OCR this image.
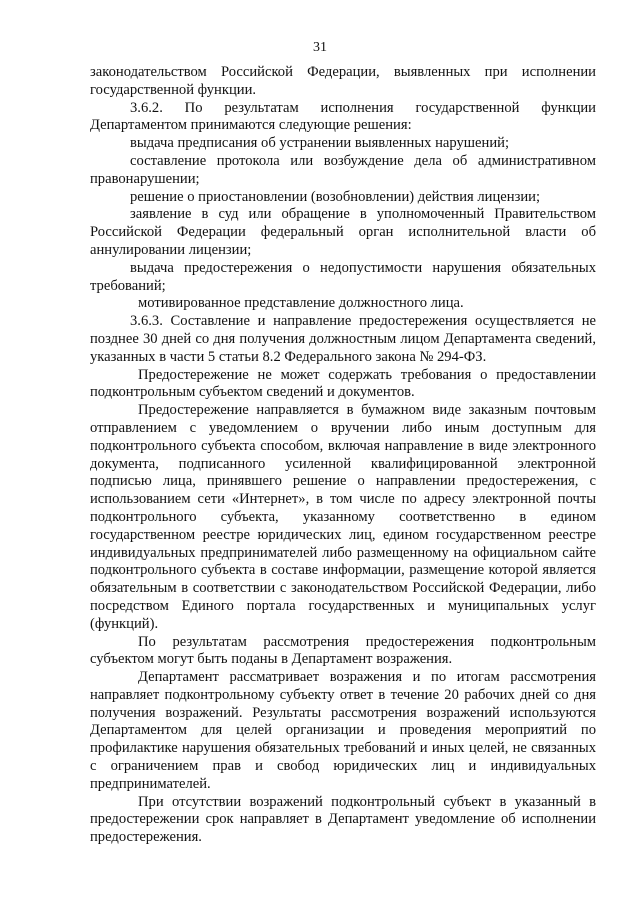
31

законодательством Российской Федерации, выявленных при исполнении государственной функции.

3.6.2. По результатам исполнения государственной функции Департаментом принимаются следующие решения:

выдача предписания об устранении выявленных нарушений;

составление протокола или возбуждение дела об административном правонарушении;

решение о приостановлении (возобновлении) действия лицензии;

заявление в суд или обращение в уполномоченный Правительством Российской Федерации федеральный орган исполнительной власти об аннулировании лицензии;

выдача предостережения о недопустимости нарушения обязательных требований;

мотивированное представление должностного лица.

3.6.3. Составление и направление предостережения осуществляется не позднее 30 дней со дня получения должностным лицом Департамента сведений, указанных в части 5 статьи 8.2 Федерального закона № 294-ФЗ.

Предостережение не может содержать требования о предоставлении подконтрольным субъектом сведений и документов.

Предостережение направляется в бумажном виде заказным почтовым отправлением с уведомлением о вручении либо иным доступным для подконтрольного субъекта способом, включая направление в виде электронного документа, подписанного усиленной квалифицированной электронной подписью лица, принявшего решение о направлении предостережения, с использованием сети «Интернет», в том числе по адресу электронной почты подконтрольного субъекта, указанному соответственно в едином государственном реестре юридических лиц, едином государственном реестре индивидуальных предпринимателей либо размещенному на официальном сайте подконтрольного субъекта в составе информации, размещение которой является обязательным в соответствии с законодательством Российской Федерации, либо посредством Единого портала государственных и муниципальных услуг (функций).

По результатам рассмотрения предостережения подконтрольным субъектом могут быть поданы в Департамент возражения.

Департамент рассматривает возражения и по итогам рассмотрения направляет подконтрольному субъекту ответ в течение 20 рабочих дней со дня получения возражений. Результаты рассмотрения возражений используются Департаментом для целей организации и проведения мероприятий по профилактике нарушения обязательных требований и иных целей, не связанных с ограничением прав и свобод юридических лиц и индивидуальных предпринимателей.

При отсутствии возражений подконтрольный субъект в указанный в предостережении срок направляет в Департамент уведомление об исполнении предостережения.
